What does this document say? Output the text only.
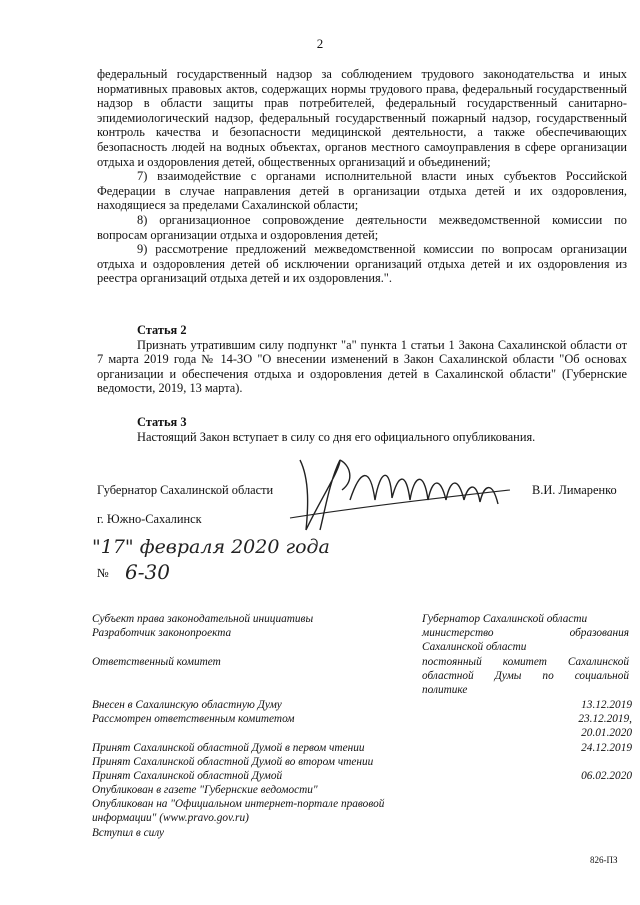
2

федеральный государственный надзор за соблюдением трудового законодательства и иных нормативных правовых актов, содержащих нормы трудового права, федеральный государственный надзор в области защиты прав потребителей, федеральный государственный санитарно-эпидемиологический надзор, федеральный государственный пожарный надзор, государственный контроль качества и безопасности медицинской деятельности, а также обеспечивающих безопасность людей на водных объектах, органов местного самоуправления в сфере организации отдыха и оздоровления детей, общественных организаций и объединений;

7) взаимодействие с органами исполнительной власти иных субъектов Российской Федерации в случае направления детей в организации отдыха детей и их оздоровления, находящиеся за пределами Сахалинской области;

8) организационное сопровождение деятельности межведомственной комиссии по вопросам организации отдыха и оздоровления детей;

9) рассмотрение предложений межведомственной комиссии по вопросам организации отдыха и оздоровления детей об исключении организаций отдыха детей и их оздоровления из реестра организаций отдыха детей и их оздоровления.".

Статья 2

Признать утратившим силу подпункт "а" пункта 1 статьи 1 Закона Сахалинской области от 7 марта 2019 года № 14-ЗО "О внесении изменений в Закон Сахалинской области "Об основах организации и обеспечения отдыха и оздоровления детей в Сахалинской области" (Губернские ведомости, 2019, 13 марта).

Статья 3

Настоящий Закон вступает в силу со дня его официального опубликования.

Губернатор Сахалинской области	В.И. Лимаренко
г. Южно-Сахалинск
"17" февраля 2020 года
№ 6-30
Субъект права законодательной инициативы	Губернатор Сахалинской области
Разработчик законопроекта	министерство образования
Сахалинской области
Ответственный комитет	постоянный комитет Сахалинской
областной Думы по социальной
политике
Внесен в Сахалинскую областную Думу	13.12.2019
Рассмотрен ответственным комитетом	23.12.2019,
20.01.2020
Принят Сахалинской областной Думой в первом чтении	24.12.2019
Принят Сахалинской областной Думой во втором чтении
Принят Сахалинской областной Думой	06.02.2020
Опубликован в газете "Губернские ведомости"
Опубликован на "Официальном интернет-портале правовой
информации" (www.pravo.gov.ru)
Вступил в силу
826-ПЗ
